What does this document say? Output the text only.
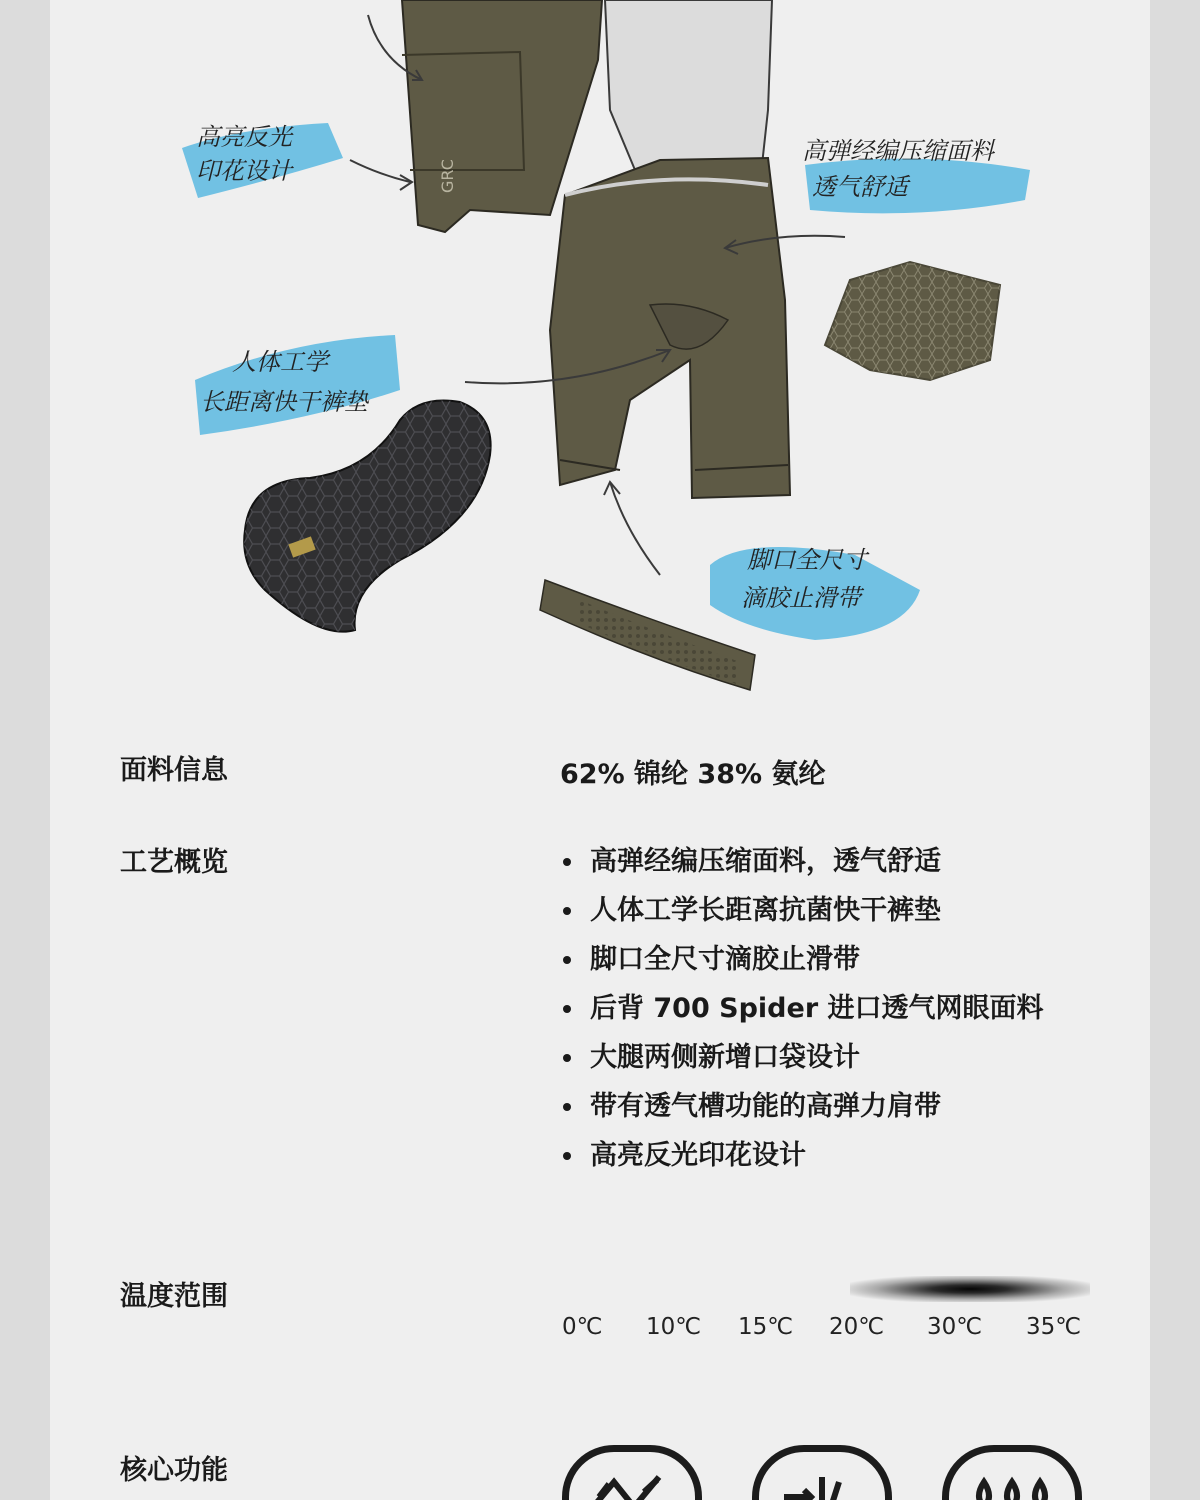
GRC
高亮反光
印花设计
高弹经编压缩面料
透气舒适
人体工学
长距离快干裤垫
脚口全尺寸
滴胶止滑带
面料信息	62% 锦纶 38% 氨纶
工艺概览	高弹经编压缩面料，透气舒适
人体工学长距离抗菌快干裤垫
脚口全尺寸滴胶止滑带
后背 700 Spider 进口透气网眼面料
大腿两侧新增口袋设计
带有透气槽功能的高弹力肩带
高亮反光印花设计
温度范围
0℃ 10℃ 15℃ 20℃ 30℃ 35℃
核心功能
